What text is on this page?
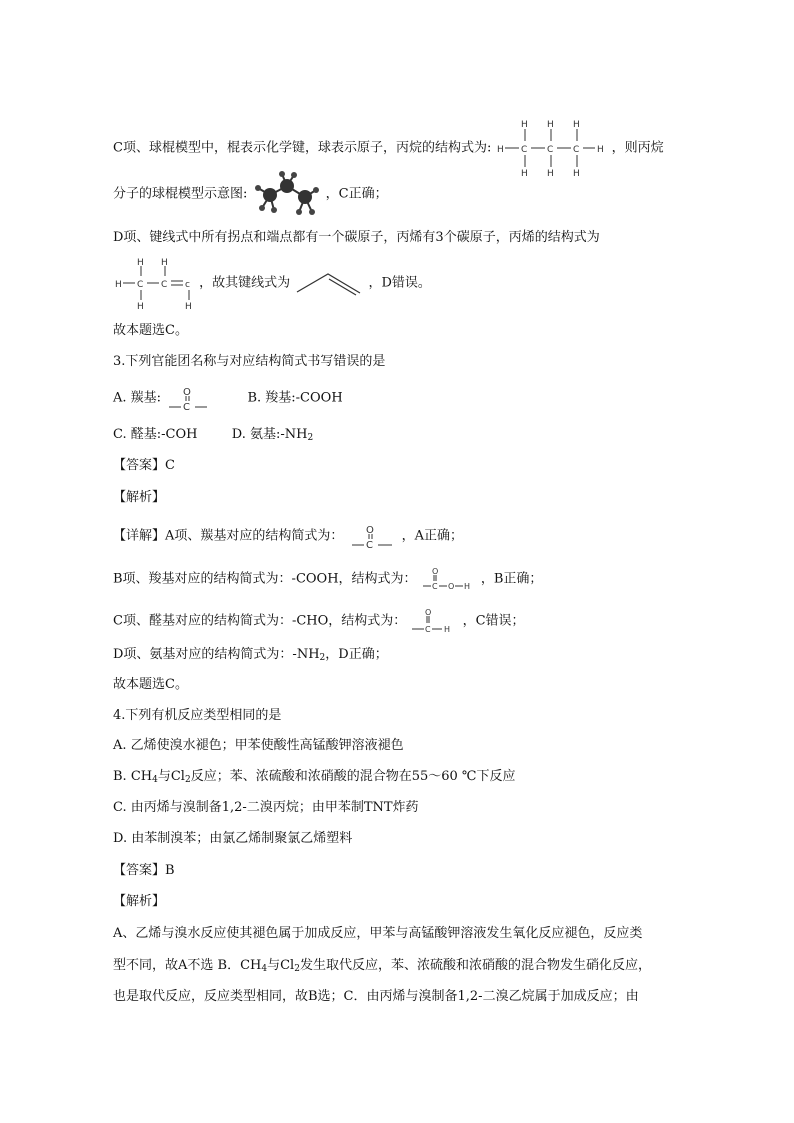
C项、球棍模型中，棍表示化学键，球表示原子，丙烷的结构式为: H C C C H
H H H
H H H
，则丙烷
分子的球棍模型示意图:	，C正确；
D项、键线式中所有拐点和端点都有一个碳原子，丙烯有3个碳原子，丙烯的结构式为
H C C c
H H
H	H
，故其键线式为	，D错误。
故本题选C。
3.下列官能团名称与对应结构简式书写错误的是
A. 羰基: O
C
B. 羧基:-COOH
C. 醛基:-COH	D. 氨基$:-NH_2$
【答案】C
【解析】
【详解】A项、羰基对应的结构简式为： O
C
，A正确；
B项、羧基对应的结构简式为：-COOH，结构式为： O
C O H ，B正确；
C项、醛基对应的结构简式为：-CHO，结构式为：
O
C H
，C错误；
D项、氨基对应的结构简式为：$-NH_2$，D正确；
故本题选C。
4.下列有机反应类型相同的是
A. 乙烯使溴水褪色；甲苯使酸性高锰酸钾溶液褪色
B. $CH_4$与$Cl_2$反应；苯、浓硫酸和浓硝酸的混合物在55～60 ℃下反应
C. 由丙烯与溴制备1,2-二溴丙烷；由甲苯制TNT炸药
D. 由苯制溴苯；由氯乙烯制聚氯乙烯塑料
【答案】B
【解析】
A、乙烯与溴水反应使其褪色属于加成反应，甲苯与高锰酸钾溶液发生氧化反应褪色，反应类
型不同，故A不选 B．$CH_4$与$Cl_2$发生取代反应，苯、浓硫酸和浓硝酸的混合物发生硝化反应，
也是取代反应，反应类型相同，故B选；C．由丙烯与溴制备1,2-二溴乙烷属于加成反应；由
